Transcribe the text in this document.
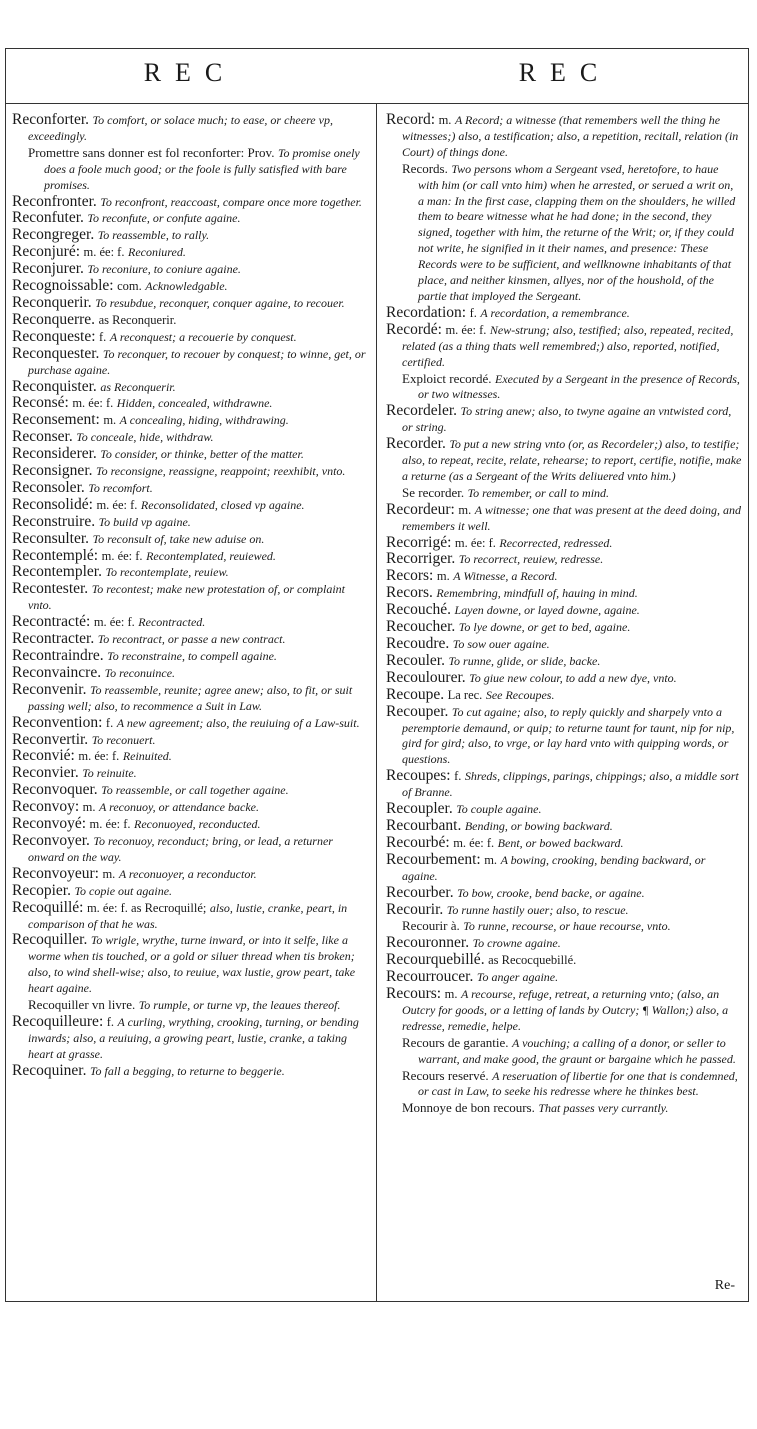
REC	REC
Reconforter. To comfort, or solace much; to ease, or cheere vp, exceedingly.
Promettre sans donner est fol reconforter: Prov. To promise onely does a foole much good; or the foole is fully satisfied with bare promises.
Reconfronter. To reconfront, reaccoast, compare once more together.
Reconfuter. To reconfute, or confute againe.
Recongreger. To reassemble, to rally.
Reconjuré: m. ée: f. Reconiured.
Reconjurer. To reconiure, to coniure againe.
Recognoissable: com. Acknowledgable.
Reconquerir. To resubdue, reconquer, conquer againe, to recouer.
Reconquerre. as Reconquerir.
Reconqueste: f. A reconquest; a recouerie by conquest.
Reconquester. To reconquer, to recouer by conquest; to winne, get, or purchase againe.
Reconquister. as Reconquerir.
Reconsé: m. ée: f. Hidden, concealed, withdrawne.
Reconsement: m. A concealing, hiding, withdrawing.
Reconser. To conceale, hide, withdraw.
Reconsiderer. To consider, or thinke, better of the matter.
Reconsigner. To reconsigne, reassigne, reappoint; reexhibit, vnto.
Reconsoler. To recomfort.
Reconsolidé: m. ée: f. Reconsolidated, closed vp againe.
Reconstruire. To build vp againe.
Reconsulter. To reconsult of, take new aduise on.
Recontemplé: m. ée: f. Recontemplated, reuiewed.
Recontempler. To recontemplate, reuiew.
Recontester. To recontest; make new protestation of, or complaint vnto.
Recontracté: m. ée: f. Recontracted.
Recontracter. To recontract, or passe a new contract.
Recontraindre. To reconstraine, to compell againe.
Reconvaincre. To reconuince.
Reconvenir. To reassemble, reunite; agree anew; also, to fit, or suit passing well; also, to recommence a Suit in Law.
Reconvention: f. A new agreement; also, the reuiuing of a Law-suit.
Reconvertir. To reconuert.
Reconvié: m. ée: f. Reinuited.
Reconvier. To reinuite.
Reconvoquer. To reassemble, or call together againe.
Reconvoy: m. A reconuoy, or attendance backe.
Reconvoyé: m. ée: f. Reconuoyed, reconducted.
Reconvoyer. To reconuoy, reconduct; bring, or lead, a returner onward on the way.
Reconvoyeur: m. A reconuoyer, a reconductor.
Recopier. To copie out againe.
Recoquillé: m. ée: f. as Recroquillé; also, lustie, cranke, peart, in comparison of that he was.
Recoquiller. To wrigle, wrythe, turne inward, or into it selfe, like a worme when tis touched, or a gold or siluer thread when tis broken; also, to wind shell-wise; also, to reuiue, wax lustie, grow peart, take heart againe.
Recoquiller vn livre. To rumple, or turne vp, the leaues thereof.
Recoquilleure: f. A curling, wrything, crooking, turning, or bending inwards; also, a reuiuing, a growing peart, lustie, cranke, a taking heart at grasse.
Recoquiner. To fall a begging, to returne to beggerie.
Record: m. A Record; a witnesse (that remembers well the thing he witnesses;) also, a testification; also, a repetition, recitall, relation (in Court) of things done.
Records. Two persons whom a Sergeant vsed, heretofore, to haue with him (or call vnto him) when he arrested, or serued a writ on, a man: In the first case, clapping them on the shoulders, he willed them to beare witnesse what he had done; in the second, they signed, together with him, the returne of the Writ; or, if they could not write, he signified in it their names, and presence: These Records were to be sufficient, and wellknowne inhabitants of that place, and neither kinsmen, allyes, nor of the houshold, of the partie that imployed the Sergeant.
Recordation: f. A recordation, a remembrance.
Recordé: m. ée: f. New-strung; also, testified; also, repeated, recited, related (as a thing thats well remembred;) also, reported, notified, certified.
Exploict recordé. Executed by a Sergeant in the presence of Records, or two witnesses.
Recordeler. To string anew; also, to twyne againe an vntwisted cord, or string.
Recorder. To put a new string vnto (or, as Recordeler;) also, to testifie; also, to repeat, recite, relate, rehearse; to report, certifie, notifie, make a returne (as a Sergeant of the Writs deliuered vnto him.)
Se recorder. To remember, or call to mind.
Recordeur: m. A witnesse; one that was present at the deed doing, and remembers it well.
Recorrigé: m. ée: f. Recorrected, redressed.
Recorriger. To recorrect, reuiew, redresse.
Recors: m. A Witnesse, a Record.
Recors. Remembring, mindfull of, hauing in mind.
Recouché. Layen downe, or layed downe, againe.
Recoucher. To lye downe, or get to bed, againe.
Recoudre. To sow ouer againe.
Recouler. To runne, glide, or slide, backe.
Recoulourer. To giue new colour, to add a new dye, vnto.
Recoupe. La rec. See Recoupes.
Recouper. To cut againe; also, to reply quickly and sharpely vnto a peremptorie demaund, or quip; to returne taunt for taunt, nip for nip, gird for gird; also, to vrge, or lay hard vnto with quipping words, or questions.
Recoupes: f. Shreds, clippings, parings, chippings; also, a middle sort of Branne.
Recoupler. To couple againe.
Recourbant. Bending, or bowing backward.
Recourbé: m. ée: f. Bent, or bowed backward.
Recourbement: m. A bowing, crooking, bending backward, or againe.
Recourber. To bow, crooke, bend backe, or againe.
Recourir. To runne hastily ouer; also, to rescue.
Recourir à. To runne, recourse, or haue recourse, vnto.
Recouronner. To crowne againe.
Recourquebillé. as Recocquebillé.
Recourroucer. To anger againe.
Recours: m. A recourse, refuge, retreat, a returning vnto; (also, an Outcry for goods, or a letting of lands by Outcry; ¶ Wallon;) also, a redresse, remedie, helpe.
Recours de garantie. A vouching; a calling of a donor, or seller to warrant, and make good, the graunt or bargaine which he passed.
Recours reservé. A reseruation of libertie for one that is condemned, or cast in Law, to seeke his redresse where he thinkes best.
Monnoye de bon recours. That passes very currantly.
Re-
